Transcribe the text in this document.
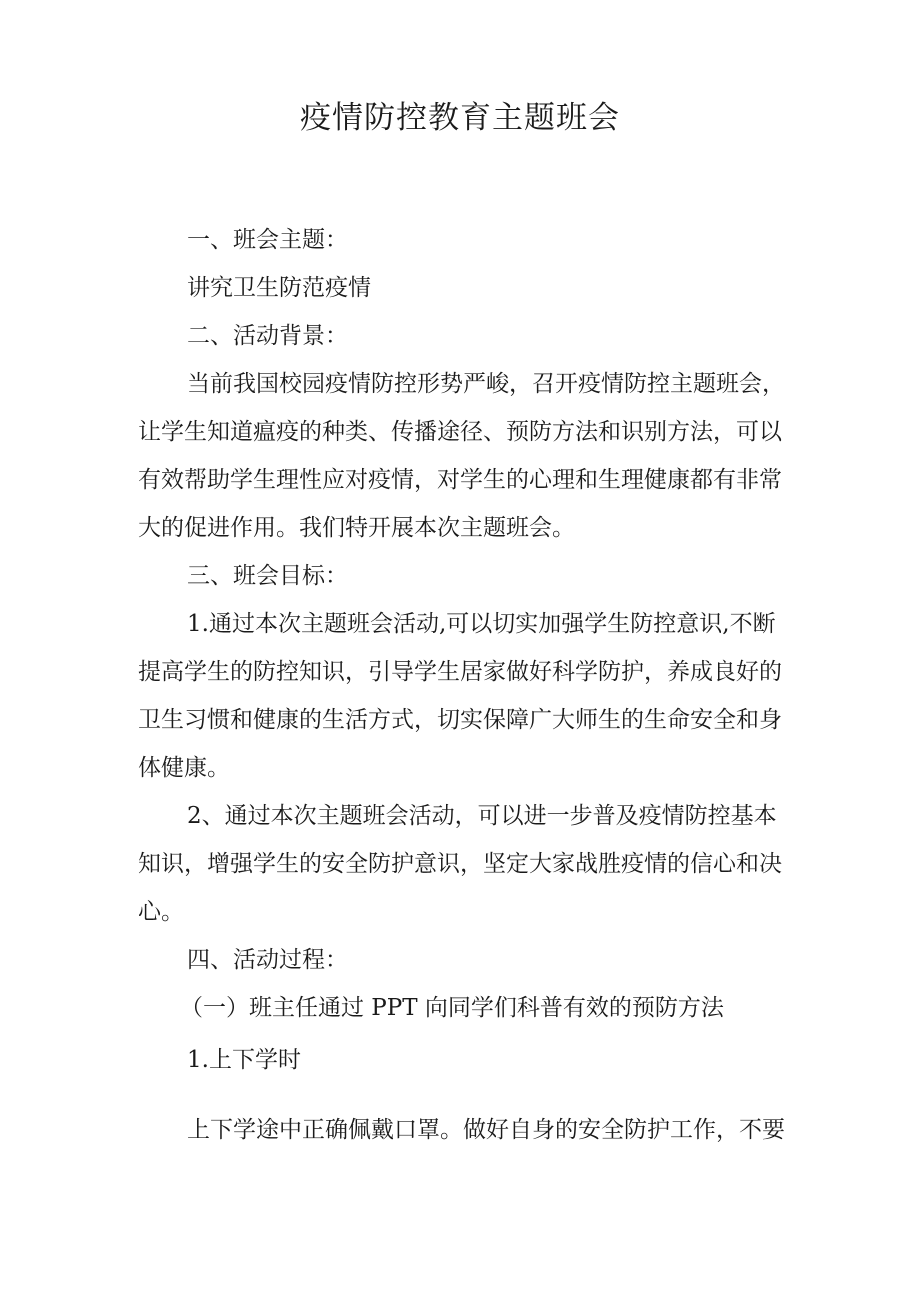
疫情防控教育主题班会
一、班会主题：
讲究卫生防范疫情
二、活动背景：
当前我国校园疫情防控形势严峻，召开疫情防控主题班会，
让学生知道瘟疫的种类、传播途径、预防方法和识别方法，可以
有效帮助学生理性应对疫情，对学生的心理和生理健康都有非常
大的促进作用。我们特开展本次主题班会。
三、班会目标：
1.通过本次主题班会活动,可以切实加强学生防控意识,不断
提高学生的防控知识，引导学生居家做好科学防护，养成良好的
卫生习惯和健康的生活方式，切实保障广大师生的生命安全和身
体健康。
2、通过本次主题班会活动，可以进一步普及疫情防控基本
知识，增强学生的安全防护意识，坚定大家战胜疫情的信心和决
心。
四、活动过程：
（一）班主任通过 PPT 向同学们科普有效的预防方法
1.上下学时
上下学途中正确佩戴口罩。做好自身的安全防护工作，不要
